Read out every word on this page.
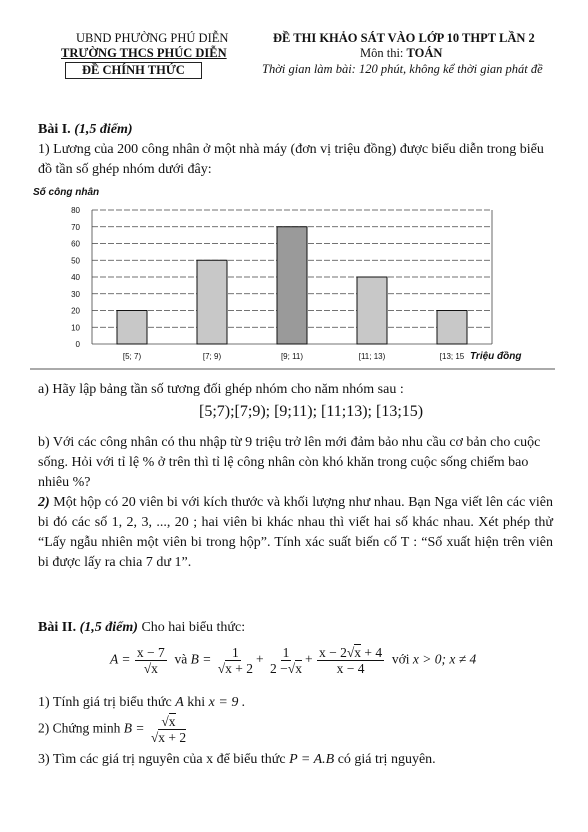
UBND PHƯỜNG PHÚ DIỄN
TRƯỜNG THCS PHÚC DIỄN
ĐỀ CHÍNH THỨC
ĐỀ THI KHẢO SÁT VÀO LỚP 10 THPT LẦN 2
Môn thi: TOÁN
Thời gian làm bài: 120 phút, không kể thời gian phát đề
Bài I. (1,5 điểm)
1) Lương của 200 công nhân ở một nhà máy (đơn vị triệu đồng) được biểu diễn trong biểu đồ tần số ghép nhóm dưới đây:
0
10
20
30
40
50
60
70
80
[5; 7)	[7; 9)	[9; 11)	[11; 13)	[13; 15
Số công nhân
Triệu đồng
a) Hãy lập bảng tần số tương đối ghép nhóm cho năm nhóm sau :
[5;7);[7;9); [9;11); [11;13); [13;15)
b) Với các công nhân có thu nhập từ 9 triệu trở lên mới đảm bảo nhu cầu cơ bản cho cuộc sống. Hỏi với tỉ lệ % ở trên thì tỉ lệ công nhân còn khó khăn trong cuộc sống chiếm bao nhiêu %?
2) Một hộp có 20 viên bi với kích thước và khối lượng như nhau. Bạn Nga viết lên các viên bi đó các số 1, 2, 3, ..., 20 ; hai viên bi khác nhau thì viết hai số khác nhau. Xét phép thử “Lấy ngẫu nhiên một viên bi trong hộp”. Tính xác suất biến cố T : “Số xuất hiện trên viên bi được lấy ra chia 7 dư 1”.
Bài II. (1,5 điểm) Cho hai biểu thức:
$A = \frac{x - 7}{√x}$ và $B = \frac{1}{√x + 2} + \frac{1}{2 -√x} + \frac{x - 2√x + 4}{x - 4}$ với x > 0; x ≠ 4
1) Tính giá trị biểu thức A khi x = 9 .
2) Chứng minh $B = \frac{√x}{√x + 2}$
3) Tìm các giá trị nguyên của x để biểu thức P = A.B có giá trị nguyên.
